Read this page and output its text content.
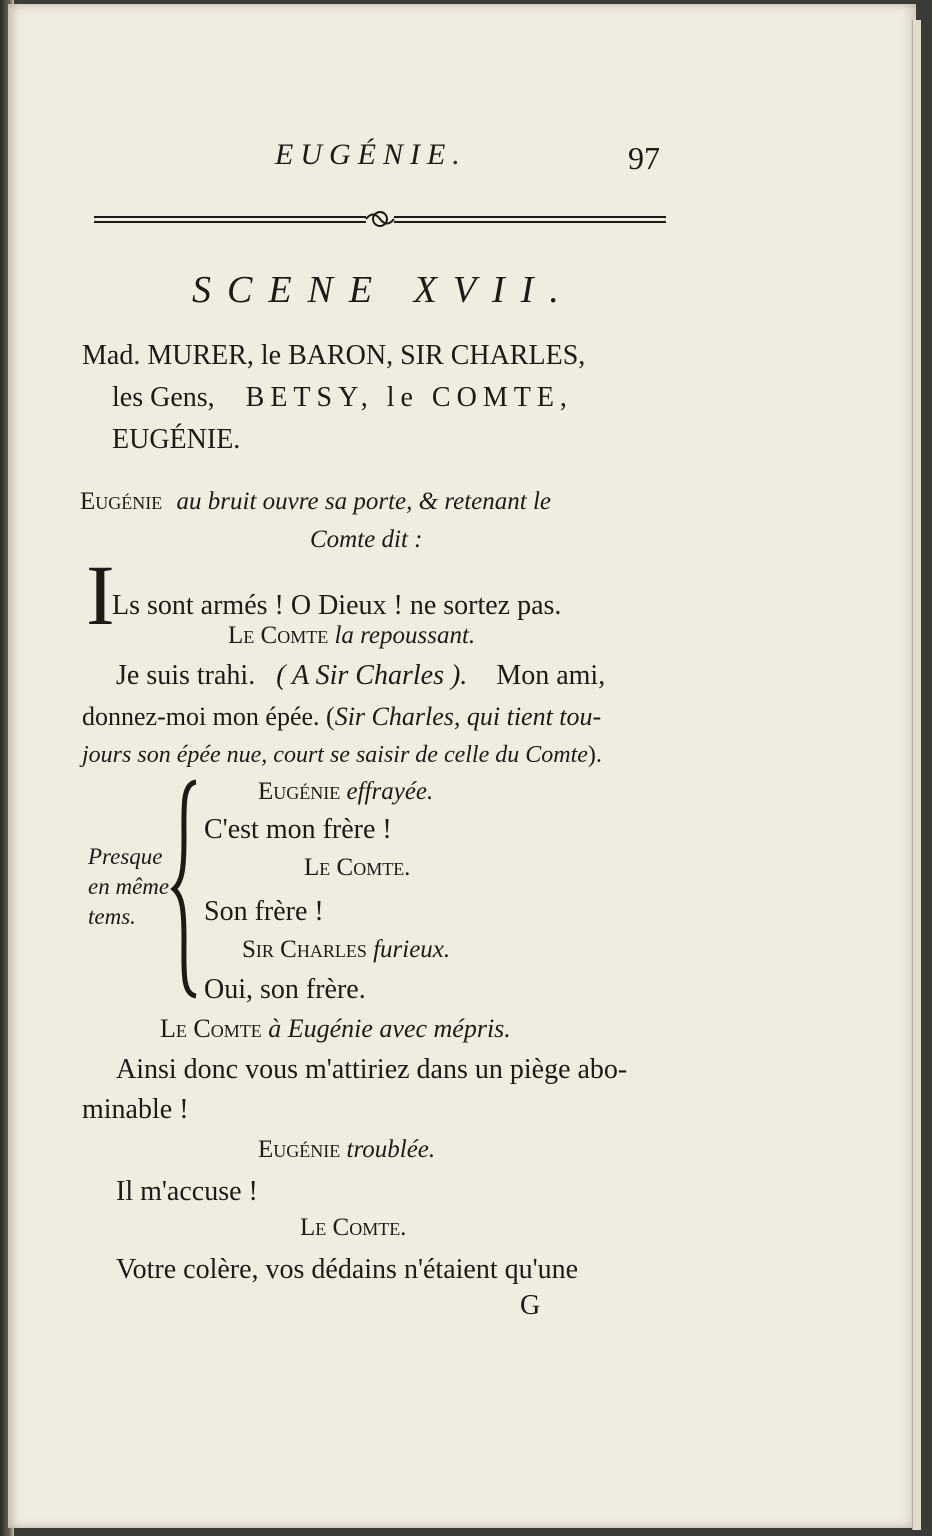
EUGÉNIE.	97
SCENE XVII.
Mad. MURER, le BARON, SIR CHARLES,
les Gens, BETSY, le COMTE,
EUGÉNIE.
Eugénie au bruit ouvre sa porte, & retenant le
Comte dit :
I
Ls sont armés ! O Dieux ! ne sortez pas.
Le Comte la repoussant.
Je suis trahi. ( A Sir Charles ). Mon ami,
donnez-moi mon épée. (Sir Charles, qui tient tou-
jours son épée nue, court se saisir de celle du Comte).
Presque
en même
tems.
Eugénie effrayée.
C'est mon frère !
Le Comte.
Son frère !
Sir Charles furieux.
Oui, son frère.
Le Comte à Eugénie avec mépris.
Ainsi donc vous m'attiriez dans un piège abo-
minable !
Eugénie troublée.
Il m'accuse !
Le Comte.
Votre colère, vos dédains n'étaient qu'une
G
